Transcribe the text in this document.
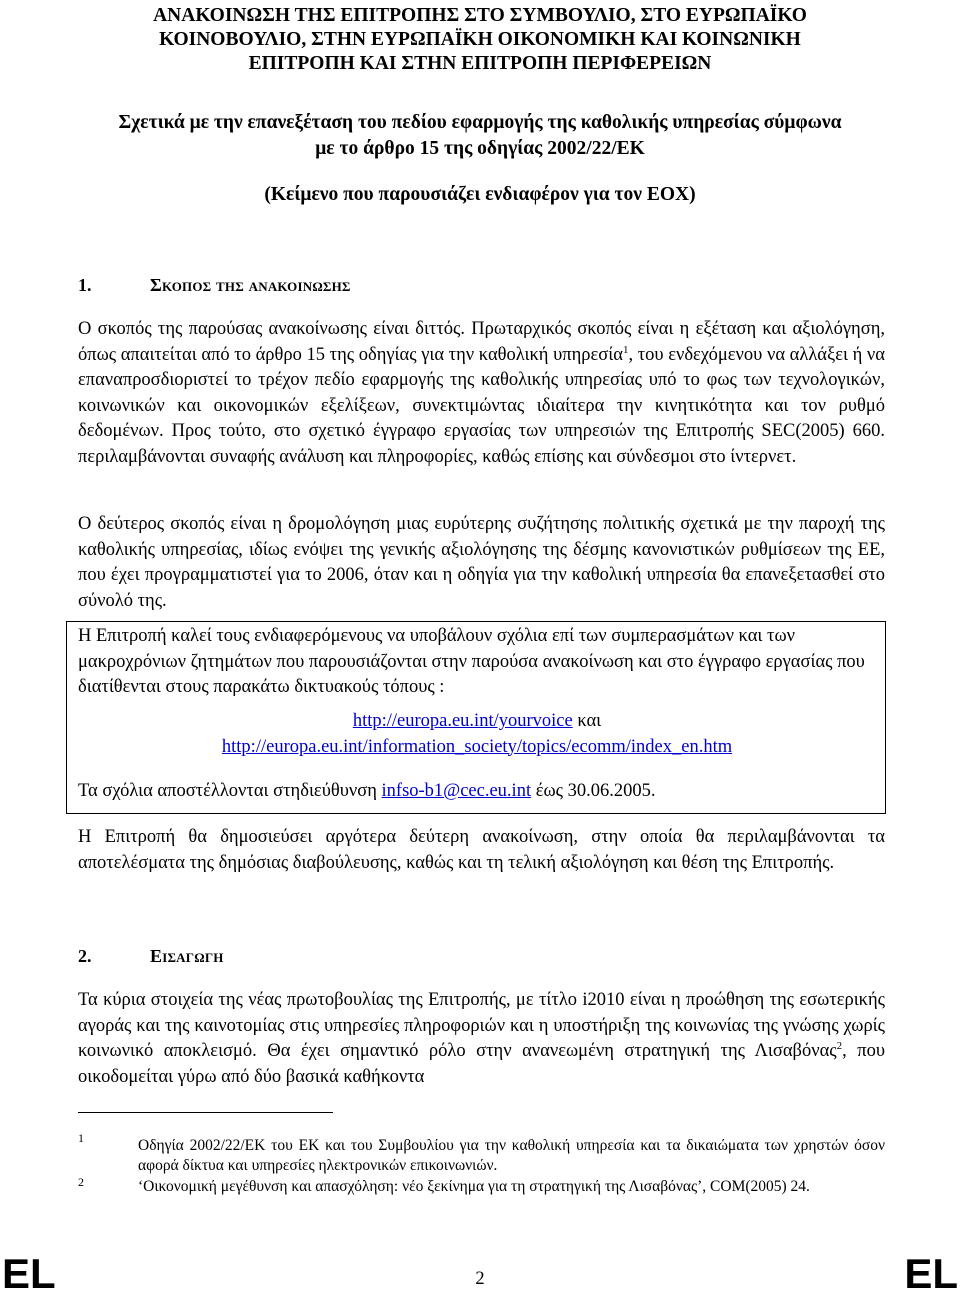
ΑΝΑΚΟΙΝΩΣΗ ΤΗΣ ΕΠΙΤΡΟΠΗΣ ΣΤΟ ΣΥΜΒΟΥΛΙΟ, ΣΤΟ ΕΥΡΩΠΑΪΚΟ
ΚΟΙΝΟΒΟΥΛΙΟ, ΣΤΗΝ ΕΥΡΩΠΑΪΚΗ ΟΙΚΟΝΟΜΙΚΗ ΚΑΙ ΚΟΙΝΩΝΙΚΗ
ΕΠΙΤΡΟΠΗ ΚΑΙ ΣΤΗΝ ΕΠΙΤΡΟΠΗ ΠΕΡΙΦΕΡΕΙΩΝ
Σχετικά με την επανεξέταση του πεδίου εφαρμογής της καθολικής υπηρεσίας σύμφωνα
με το άρθρο 15 της οδηγίας 2002/22/ΕΚ
(Κείμενο που παρουσιάζει ενδιαφέρον για τον ΕΟΧ)
1.	Σκοπος της ανακοινωσης
Ο σκοπός της παρούσας ανακοίνωσης είναι διττός. Πρωταρχικός σκοπός είναι η εξέταση και αξιολόγηση, όπως απαιτείται από το άρθρο 15 της οδηγίας για την καθολική υπηρεσία$^1$, του ενδεχόμενου να αλλάξει ή να επαναπροσδιοριστεί το τρέχον πεδίο εφαρμογής της καθολικής υπηρεσίας υπό το φως των τεχνολογικών, κοινωνικών και οικονομικών εξελίξεων, συνεκτιμώντας ιδιαίτερα την κινητικότητα και τον ρυθμό δεδομένων. Προς τούτο, στο σχετικό έγγραφο εργασίας των υπηρεσιών της Επιτροπής SEC(2005) 660. περιλαμβάνονται συναφής ανάλυση και πληροφορίες, καθώς επίσης και σύνδεσμοι στο ίντερνετ.
Ο δεύτερος σκοπός είναι η δρομολόγηση μιας ευρύτερης συζήτησης πολιτικής σχετικά με την παροχή της καθολικής υπηρεσίας, ιδίως ενόψει της γενικής αξιολόγησης της δέσμης κανονιστικών ρυθμίσεων της ΕΕ, που έχει προγραμματιστεί για το 2006, όταν και η οδηγία για την καθολική υπηρεσία θα επανεξετασθεί στο σύνολό της.
Η Επιτροπή καλεί τους ενδιαφερόμενους να υποβάλουν σχόλια επί των συμπερασμάτων και των μακροχρόνιων ζητημάτων που παρουσιάζονται στην παρούσα ανακοίνωση και στο έγγραφο εργασίας που διατίθενται στους παρακάτω δικτυακούς τόπους :
http://europa.eu.int/yourvoice και
http://europa.eu.int/information_society/topics/ecomm/index_en.htm
Τα σχόλια αποστέλλονται στηδιεύθυνση infso-b1@cec.eu.int έως 30.06.2005.
Η Επιτροπή θα δημοσιεύσει αργότερα δεύτερη ανακοίνωση, στην οποία θα περιλαμβάνονται τα αποτελέσματα της δημόσιας διαβούλευσης, καθώς και τη τελική αξιολόγηση και θέση της Επιτροπής.
2.	Εισαγωγη
Τα κύρια στοιχεία της νέας πρωτοβουλίας της Επιτροπής, με τίτλο i2010 είναι η προώθηση της εσωτερικής αγοράς και της καινοτομίας στις υπηρεσίες πληροφοριών και η υποστήριξη της κοινωνίας της γνώσης χωρίς κοινωνικό αποκλεισμό. Θα έχει σημαντικό ρόλο στην ανανεωμένη στρατηγική της Λισαβόνας$^2$, που οικοδομείται γύρω από δύο βασικά καθήκοντα
1	Οδηγία 2002/22/ΕΚ του ΕΚ και του Συμβουλίου για την καθολική υπηρεσία και τα δικαιώματα των χρηστών όσον αφορά δίκτυα και υπηρεσίες ηλεκτρονικών επικοινωνιών.
2	‘Οικονομική μεγέθυνση και απασχόληση: νέο ξεκίνημα για τη στρατηγική της Λισαβόνας’, COM(2005) 24.
EL	2	EL
